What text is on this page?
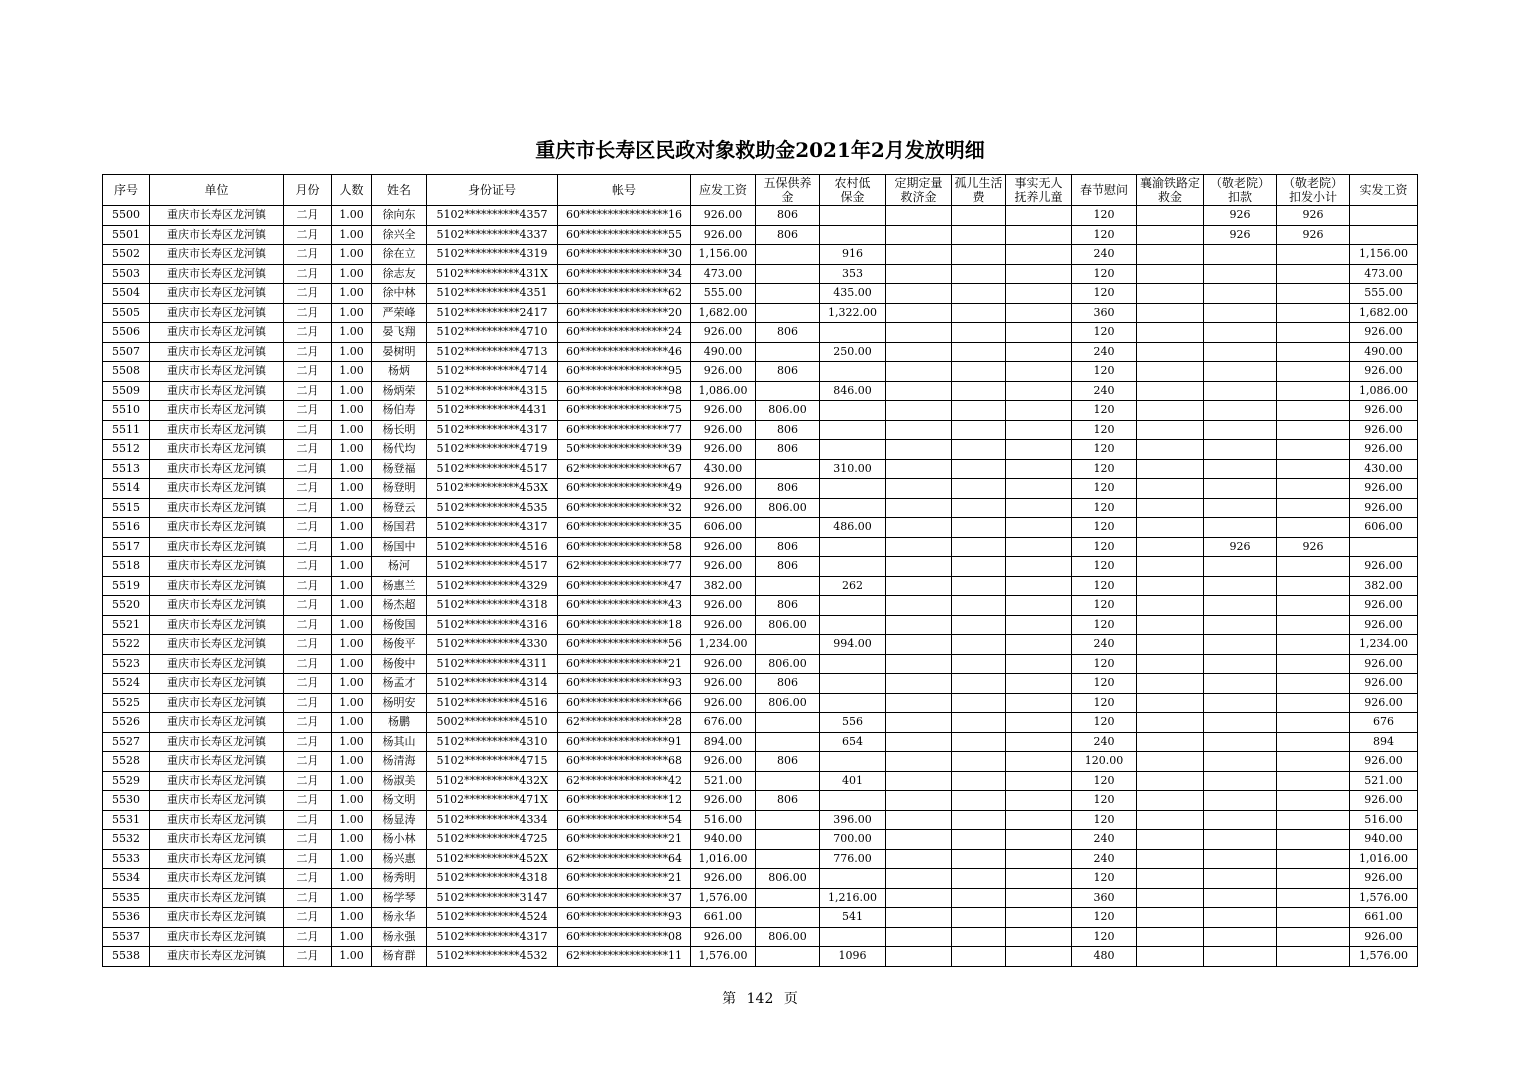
重庆市长寿区民政对象救助金2021年2月发放明细
序号	单位	月份	人数	姓名	身份证号	帐号	应发工资	五保供养金	农村低保金	定期定量救济金	孤儿生活费	事实无人抚养儿童	春节慰问	襄渝铁路定救金	（敬老院）扣款	（敬老院）扣发小计	实发工资
5500	重庆市长寿区龙河镇	二月	1.00	徐向东	5102**********4357	60****************16	926.00	806					120		926	926	
5501	重庆市长寿区龙河镇	二月	1.00	徐兴全	5102**********4337	60****************55	926.00	806					120		926	926	
5502	重庆市长寿区龙河镇	二月	1.00	徐在立	5102**********4319	60****************30	1,156.00		916				240				1,156.00
5503	重庆市长寿区龙河镇	二月	1.00	徐志友	5102**********431X	60****************34	473.00		353				120				473.00
5504	重庆市长寿区龙河镇	二月	1.00	徐中林	5102**********4351	60****************62	555.00		435.00				120				555.00
5505	重庆市长寿区龙河镇	二月	1.00	严荣峰	5102**********2417	60****************20	1,682.00		1,322.00				360				1,682.00
5506	重庆市长寿区龙河镇	二月	1.00	晏飞翔	5102**********4710	60****************24	926.00	806					120				926.00
5507	重庆市长寿区龙河镇	二月	1.00	晏树明	5102**********4713	60****************46	490.00		250.00				240				490.00
5508	重庆市长寿区龙河镇	二月	1.00	杨炳	5102**********4714	60****************95	926.00	806					120				926.00
5509	重庆市长寿区龙河镇	二月	1.00	杨炳荣	5102**********4315	60****************98	1,086.00		846.00				240				1,086.00
5510	重庆市长寿区龙河镇	二月	1.00	杨伯寿	5102**********4431	60****************75	926.00	806.00					120				926.00
5511	重庆市长寿区龙河镇	二月	1.00	杨长明	5102**********4317	60****************77	926.00	806					120				926.00
5512	重庆市长寿区龙河镇	二月	1.00	杨代均	5102**********4719	50****************39	926.00	806					120				926.00
5513	重庆市长寿区龙河镇	二月	1.00	杨登福	5102**********4517	62****************67	430.00		310.00				120				430.00
5514	重庆市长寿区龙河镇	二月	1.00	杨登明	5102**********453X	60****************49	926.00	806					120				926.00
5515	重庆市长寿区龙河镇	二月	1.00	杨登云	5102**********4535	60****************32	926.00	806.00					120				926.00
5516	重庆市长寿区龙河镇	二月	1.00	杨国君	5102**********4317	60****************35	606.00		486.00				120				606.00
5517	重庆市长寿区龙河镇	二月	1.00	杨国中	5102**********4516	60****************58	926.00	806					120		926	926	
5518	重庆市长寿区龙河镇	二月	1.00	杨河	5102**********4517	62****************77	926.00	806					120				926.00
5519	重庆市长寿区龙河镇	二月	1.00	杨惠兰	5102**********4329	60****************47	382.00		262				120				382.00
5520	重庆市长寿区龙河镇	二月	1.00	杨杰超	5102**********4318	60****************43	926.00	806					120				926.00
5521	重庆市长寿区龙河镇	二月	1.00	杨俊国	5102**********4316	60****************18	926.00	806.00					120				926.00
5522	重庆市长寿区龙河镇	二月	1.00	杨俊平	5102**********4330	60****************56	1,234.00		994.00				240				1,234.00
5523	重庆市长寿区龙河镇	二月	1.00	杨俊中	5102**********4311	60****************21	926.00	806.00					120				926.00
5524	重庆市长寿区龙河镇	二月	1.00	杨孟才	5102**********4314	60****************93	926.00	806					120				926.00
5525	重庆市长寿区龙河镇	二月	1.00	杨明安	5102**********4516	60****************66	926.00	806.00					120				926.00
5526	重庆市长寿区龙河镇	二月	1.00	杨鹏	5002**********4510	62****************28	676.00		556				120				676
5527	重庆市长寿区龙河镇	二月	1.00	杨其山	5102**********4310	60****************91	894.00		654				240				894
5528	重庆市长寿区龙河镇	二月	1.00	杨清海	5102**********4715	60****************68	926.00	806					120.00				926.00
5529	重庆市长寿区龙河镇	二月	1.00	杨淑美	5102**********432X	62****************42	521.00		401				120				521.00
5530	重庆市长寿区龙河镇	二月	1.00	杨文明	5102**********471X	60****************12	926.00	806					120				926.00
5531	重庆市长寿区龙河镇	二月	1.00	杨显涛	5102**********4334	60****************54	516.00		396.00				120				516.00
5532	重庆市长寿区龙河镇	二月	1.00	杨小林	5102**********4725	60****************21	940.00		700.00				240				940.00
5533	重庆市长寿区龙河镇	二月	1.00	杨兴惠	5102**********452X	62****************64	1,016.00		776.00				240				1,016.00
5534	重庆市长寿区龙河镇	二月	1.00	杨秀明	5102**********4318	60****************21	926.00	806.00					120				926.00
5535	重庆市长寿区龙河镇	二月	1.00	杨学琴	5102**********3147	60****************37	1,576.00		1,216.00				360				1,576.00
5536	重庆市长寿区龙河镇	二月	1.00	杨永华	5102**********4524	60****************93	661.00		541				120				661.00
5537	重庆市长寿区龙河镇	二月	1.00	杨永强	5102**********4317	60****************08	926.00	806.00					120				926.00
5538	重庆市长寿区龙河镇	二月	1.00	杨育群	5102**********4532	62****************11	1,576.00		1096				480				1,576.00
第 142 页
